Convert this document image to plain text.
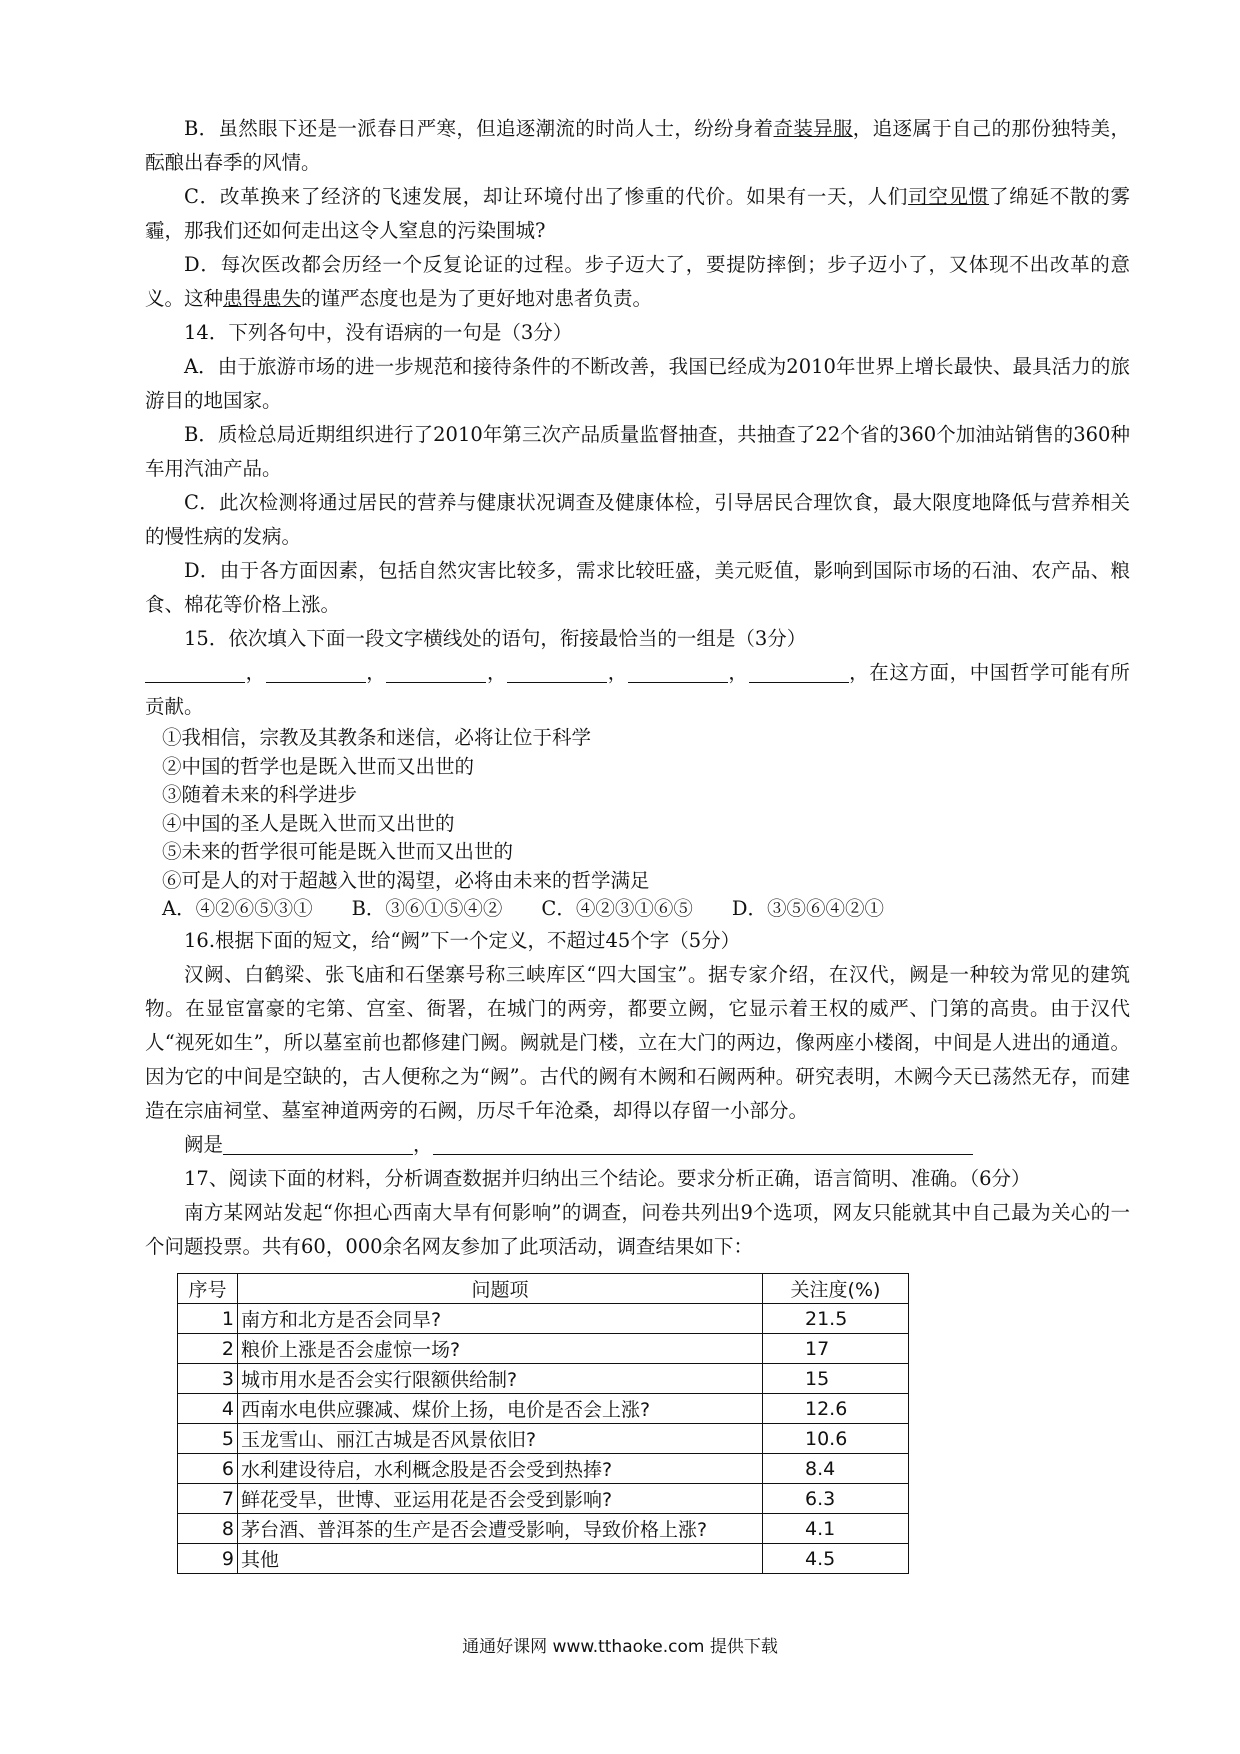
B．虽然眼下还是一派春日严寒，但追逐潮流的时尚人士，纷纷身着奇装异服，追逐属于自己的那份独特美，酝酿出春季的风情。

C．改革换来了经济的飞速发展，却让环境付出了惨重的代价。如果有一天，人们司空见惯了绵延不散的雾霾，那我们还如何走出这令人窒息的污染围城?

D．每次医改都会历经一个反复论证的过程。步子迈大了，要提防摔倒；步子迈小了，又体现不出改革的意义。这种患得患失的谨严态度也是为了更好地对患者负责。

14．下列各句中，没有语病的一句是（3分）

A．由于旅游市场的进一步规范和接待条件的不断改善，我国已经成为2010年世界上增长最快、最具活力的旅游目的地国家。

B．质检总局近期组织进行了2010年第三次产品质量监督抽查，共抽查了22个省的360个加油站销售的360种车用汽油产品。

C．此次检测将通过居民的营养与健康状况调查及健康体检，引导居民合理饮食，最大限度地降低与营养相关的慢性病的发病。

D．由于各方面因素，包括自然灾害比较多，需求比较旺盛，美元贬值，影响到国际市场的石油、农产品、粮食、棉花等价格上涨。

15．依次填入下面一段文字横线处的语句，衔接最恰当的一组是（3分）

，	，	，	，	，	，在这方面，中国哲学可能有所贡献。

①我相信，宗教及其教条和迷信，必将让位于科学

②中国的哲学也是既入世而又出世的

③随着未来的科学进步

④中国的圣人是既入世而又出世的

⑤未来的哲学很可能是既入世而又出世的

⑥可是人的对于超越入世的渴望，必将由未来的哲学满足

A．④②⑥⑤③①　　B．③⑥①⑤④②　　C．④②③①⑥⑤　　D．③⑤⑥④②①

16.根据下面的短文，给“阙”下一个定义，不超过45个字（5分）

汉阙、白鹤梁、张飞庙和石堡寨号称三峡库区“四大国宝”。据专家介绍，在汉代，阙是一种较为常见的建筑物。在显宦富豪的宅第、宫室、衙署，在城门的两旁，都要立阙，它显示着王权的威严、门第的高贵。由于汉代人“视死如生”，所以墓室前也都修建门阙。阙就是门楼，立在大门的两边，像两座小楼阁，中间是人进出的通道。因为它的中间是空缺的，古人便称之为“阙”。古代的阙有木阙和石阙两种。研究表明，木阙今天已荡然无存，而建造在宗庙祠堂、墓室神道两旁的石阙，历尽千年沧桑，却得以存留一小部分。

阙是	，

17、阅读下面的材料，分析调查数据并归纳出三个结论。要求分析正确，语言简明、准确。（6分）

南方某网站发起“你担心西南大旱有何影响”的调查，问卷共列出9个选项，网友只能就其中自己最为关心的一个问题投票。共有60，000余名网友参加了此项活动，调查结果如下：

序号	问题项	关注度(%)
1	南方和北方是否会同旱?	21.5
2	粮价上涨是否会虚惊一场?	17
3	城市用水是否会实行限额供给制?	15
4	西南水电供应骤减、煤价上扬，电价是否会上涨?	12.6
5	玉龙雪山、丽江古城是否风景依旧?	10.6
6	水利建设待启，水利概念股是否会受到热捧?	8.4
7	鲜花受旱，世博、亚运用花是否会受到影响?	6.3
8	茅台酒、普洱茶的生产是否会遭受影响，导致价格上涨?	4.1
9	其他	4.5
通通好课网 www.tthaoke.com 提供下载
